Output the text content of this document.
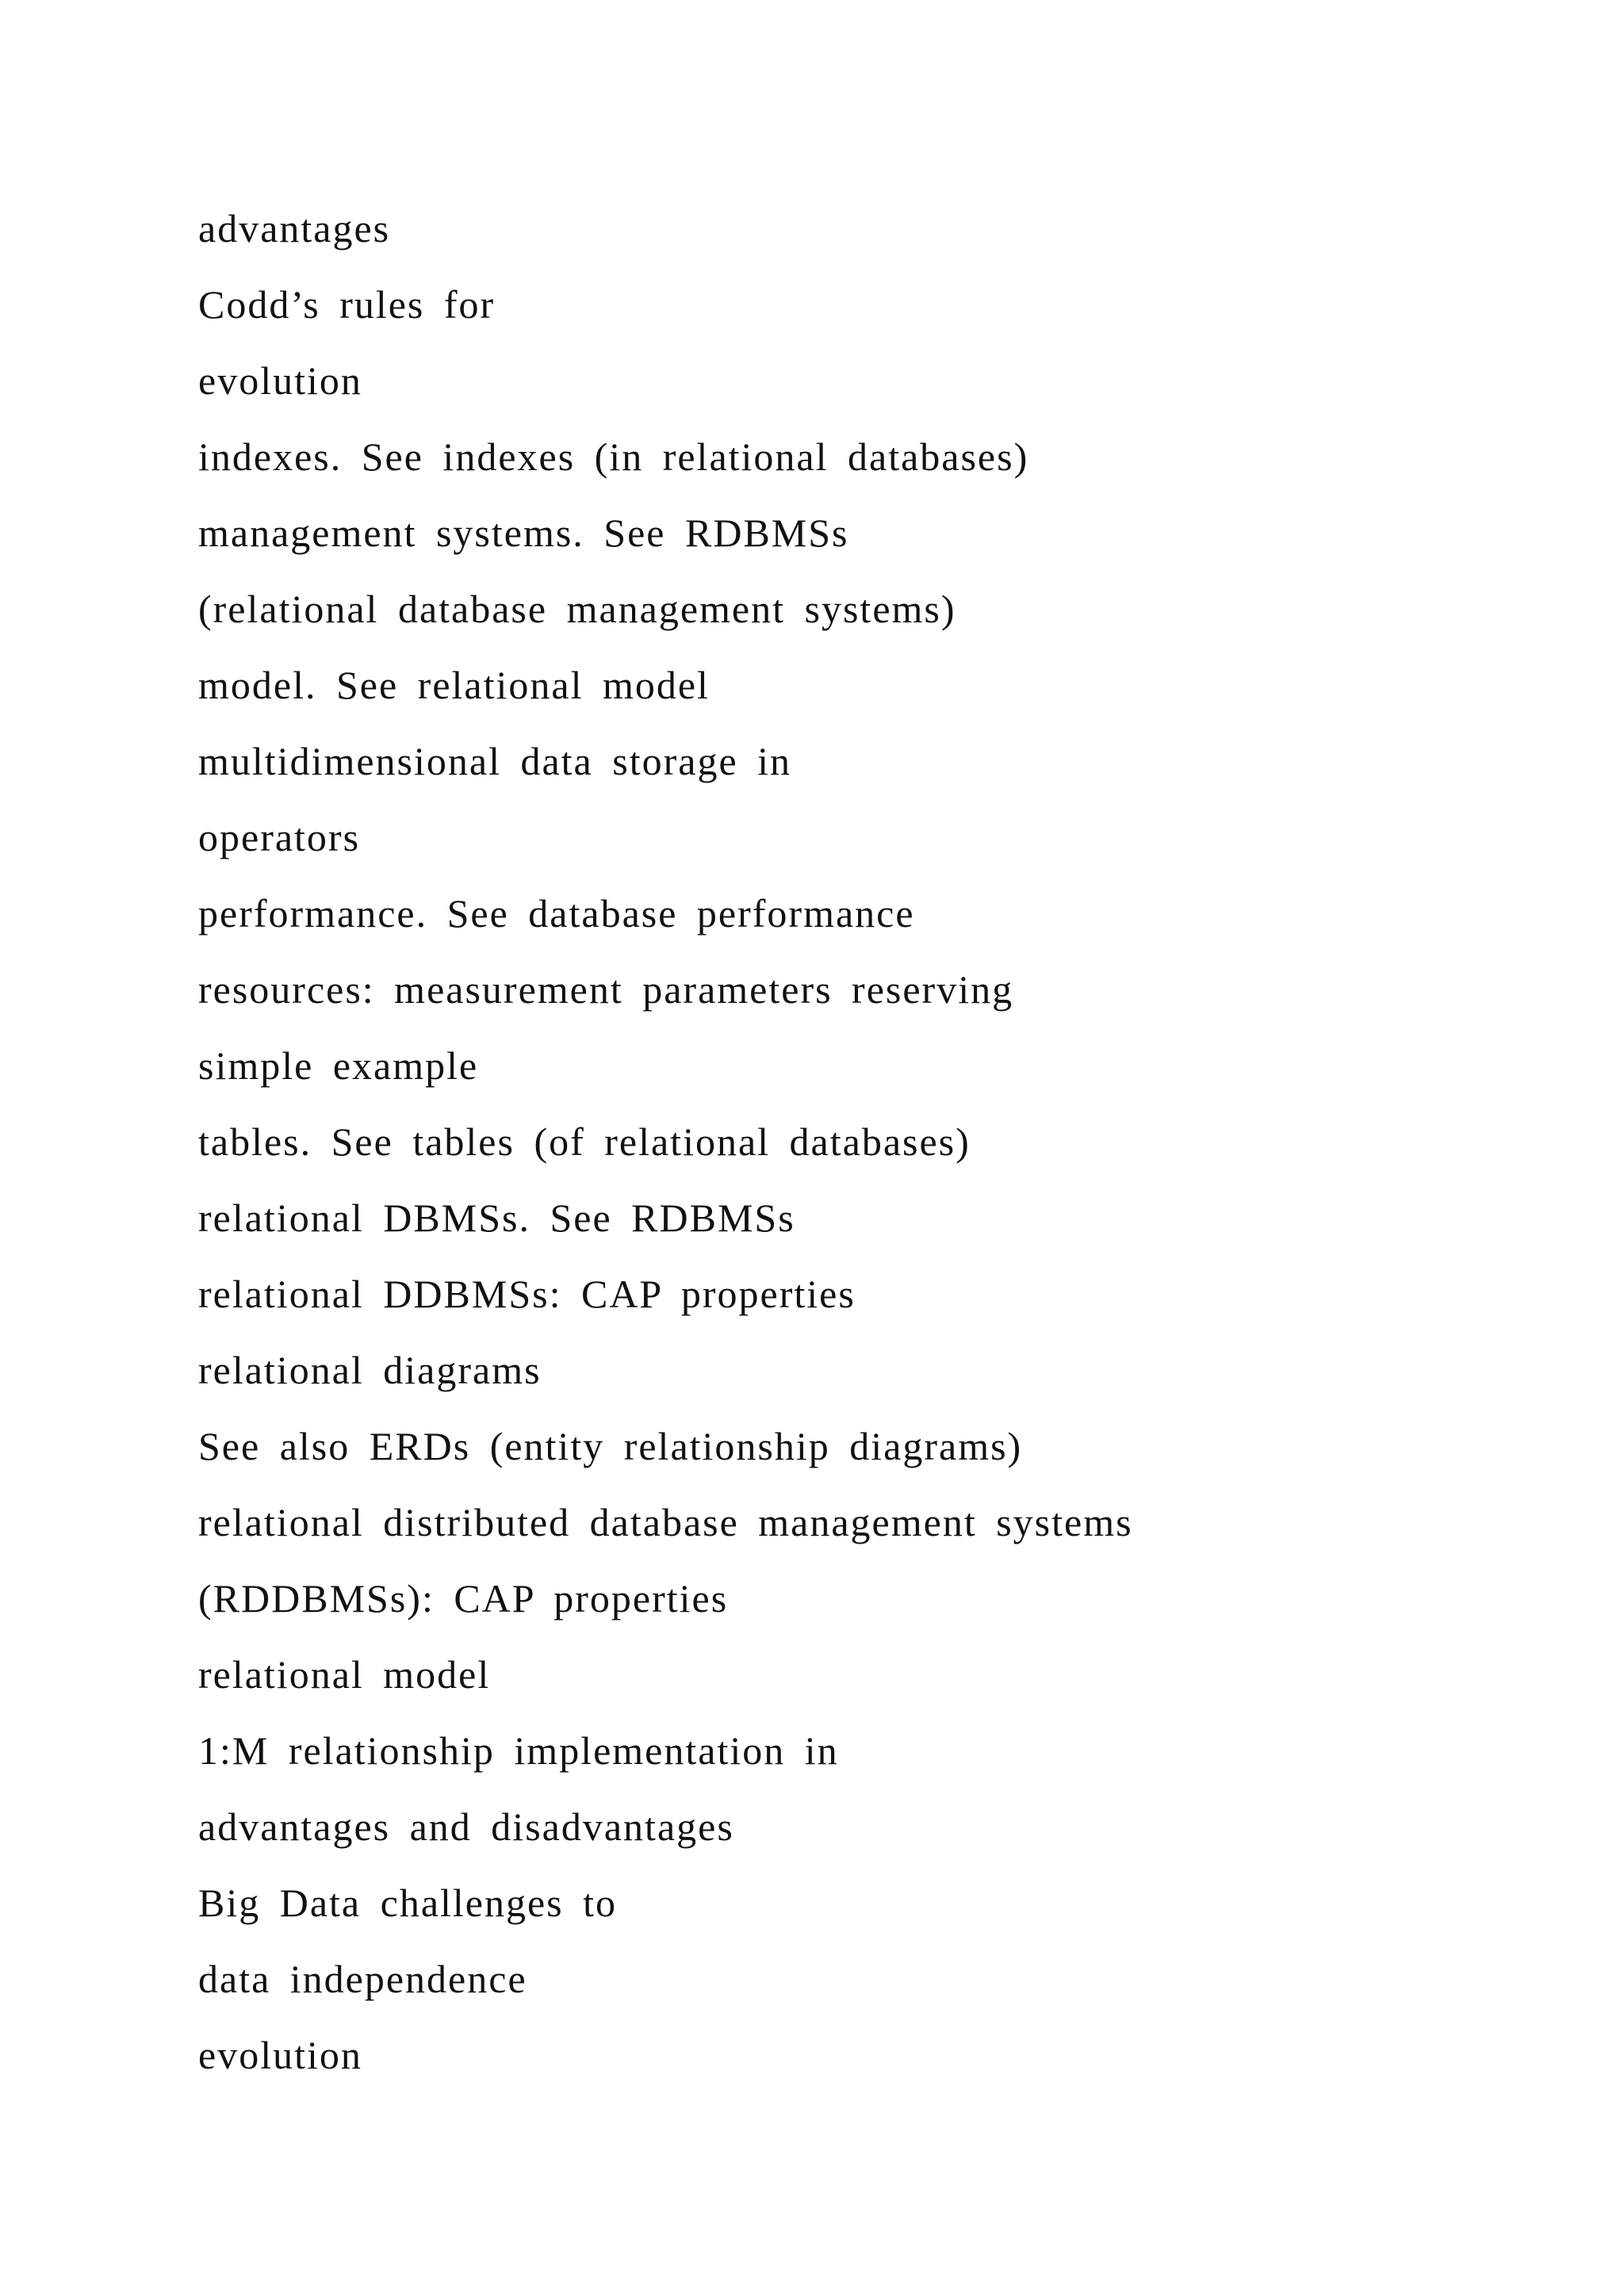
advantages
Codd’s rules for
evolution
indexes. See indexes (in relational databases)
management systems. See RDBMSs
(relational database management systems)
model. See relational model
multidimensional data storage in
operators
performance. See database performance
resources: measurement parameters reserving
simple example
tables. See tables (of relational databases)
relational DBMSs. See RDBMSs
relational DDBMSs: CAP properties
relational diagrams
See also ERDs (entity relationship diagrams)
relational distributed database management systems
(RDDBMSs): CAP properties
relational model
1:M relationship implementation in
advantages and disadvantages
Big Data challenges to
data independence
evolution
